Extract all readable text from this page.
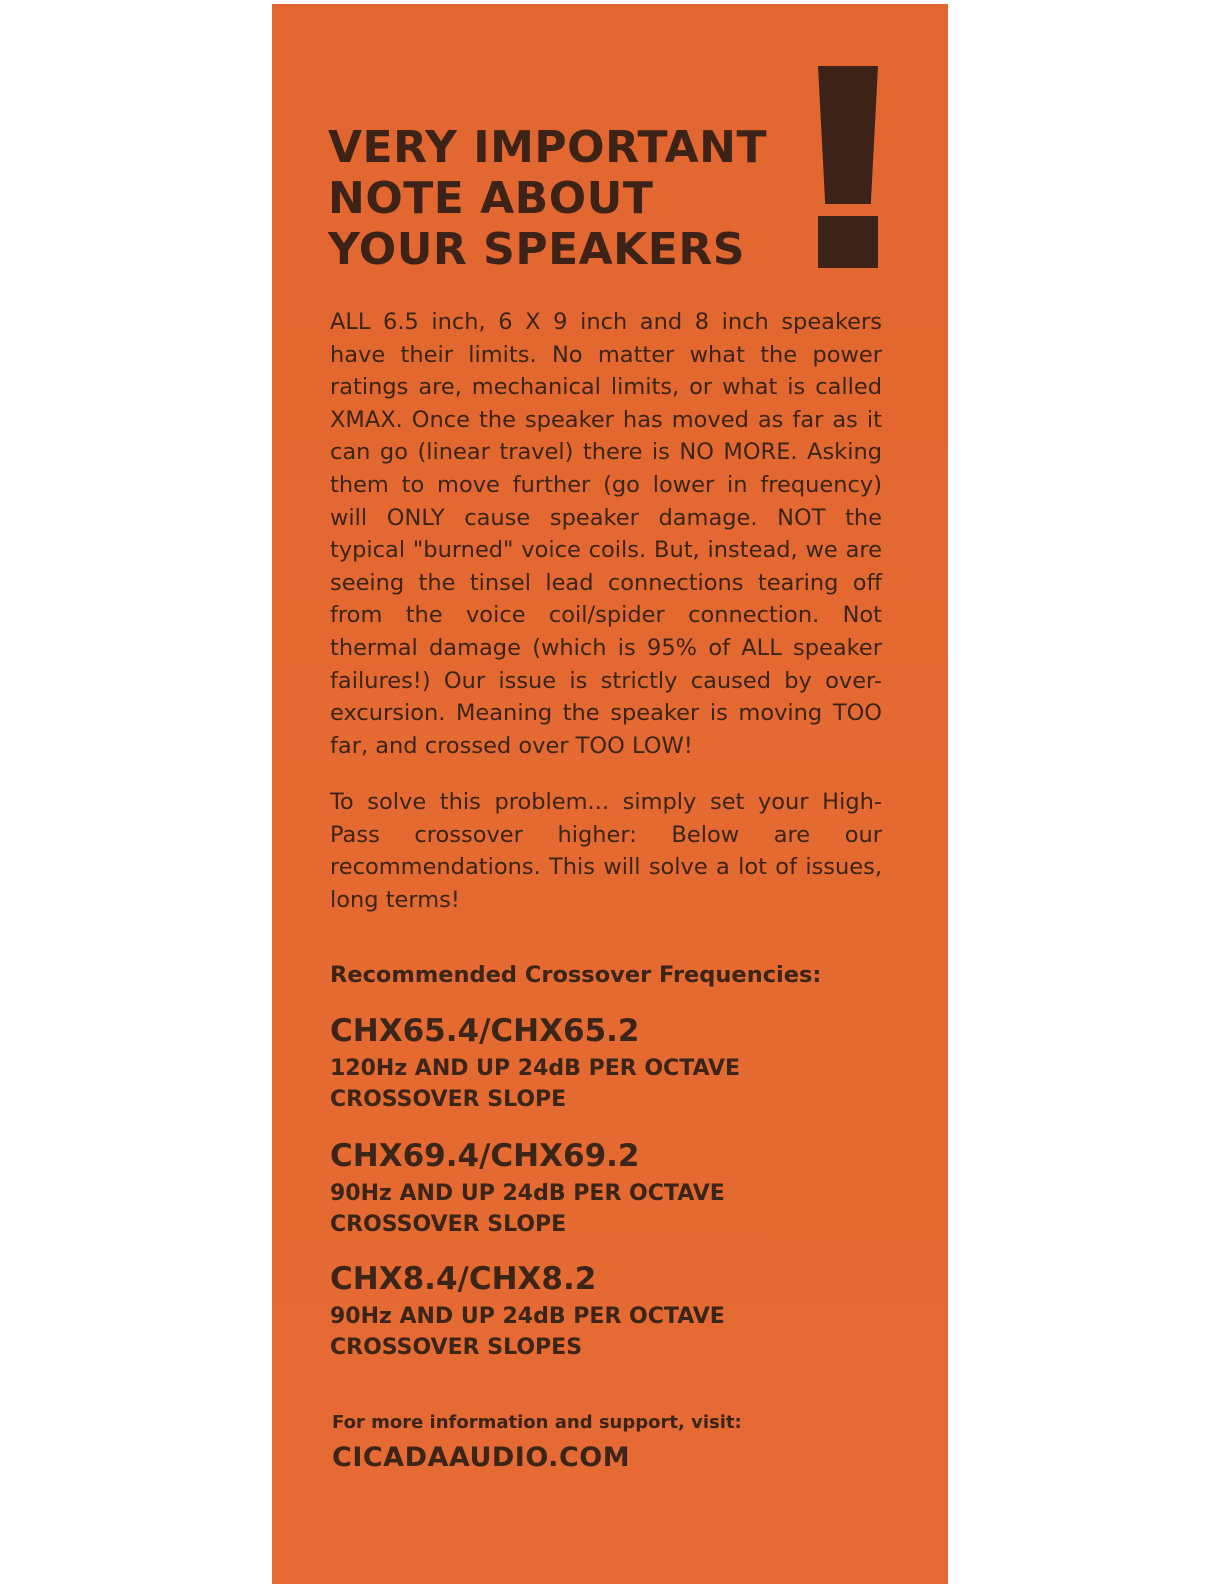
VERY IMPORTANT
NOTE ABOUT
YOUR SPEAKERS

ALL 6.5 inch, 6 X 9 inch and 8 inch speakers have their limits. No matter what the power ratings are, mechanical limits, or what is called XMAX. Once the speaker has moved as far as it can go (linear travel) there is NO MORE. Asking them to move further (go lower in frequency) will ONLY cause speaker damage. NOT the typical "burned" voice coils. But, instead, we are seeing the tinsel lead connections tearing off from the voice coil/spider connection. Not thermal damage (which is 95% of ALL speaker failures!) Our issue is strictly caused by over-excursion. Meaning the speaker is moving TOO far, and crossed over TOO LOW!

To solve this problem... simply set your High-Pass crossover higher: Below are our recommendations. This will solve a lot of issues, long terms!

Recommended Crossover Frequencies:
CHX65.4/CHX65.2

120Hz AND UP 24dB PER OCTAVE
CROSSOVER SLOPE

CHX69.4/CHX69.2

90Hz AND UP 24dB PER OCTAVE
CROSSOVER SLOPE

CHX8.4/CHX8.2

90Hz AND UP 24dB PER OCTAVE
CROSSOVER SLOPES

For more information and support, visit:

CICADAAUDIO.COM
